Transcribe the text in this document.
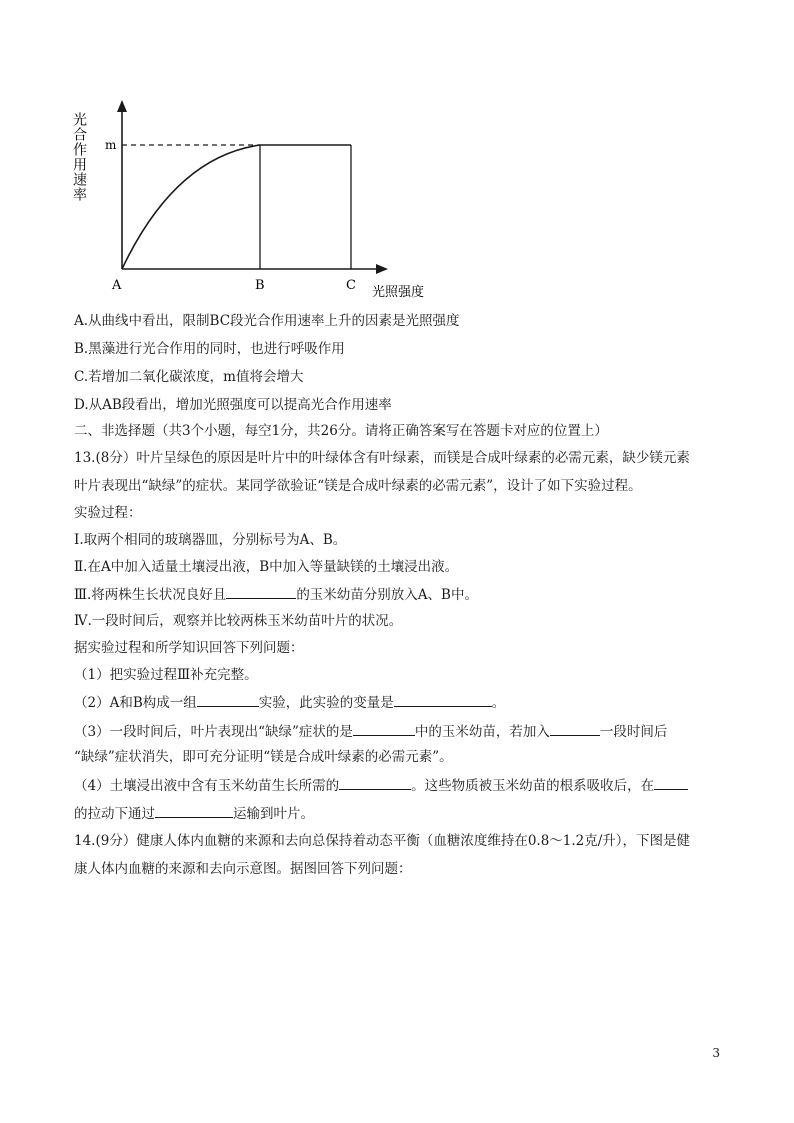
m
A	B	C 光照强度
光合作用速率
A.从曲线中看出，限制BC段光合作用速率上升的因素是光照强度
B.黑藻进行光合作用的同时，也进行呼吸作用
C.若增加二氧化碳浓度，m值将会增大
D.从AB段看出，增加光照强度可以提高光合作用速率
二、非选择题（共3个小题，每空1分，共26分。请将正确答案写在答题卡对应的位置上）
13.(8分）叶片呈绿色的原因是叶片中的叶绿体含有叶绿素，而镁是合成叶绿素的必需元素，缺少镁元素
叶片表现出“缺绿”的症状。某同学欲验证“镁是合成叶绿素的必需元素”，设计了如下实验过程。
实验过程：
Ⅰ.取两个相同的玻璃器皿，分别标号为A、B。
Ⅱ.在A中加入适量土壤浸出液，B中加入等量缺镁的土壤浸出液。
Ⅲ.将两株生长状况良好且	的玉米幼苗分别放入A、B中。
Ⅳ.一段时间后，观察并比较两株玉米幼苗叶片的状况。
据实验过程和所学知识回答下列问题：
（1）把实验过程Ⅲ补充完整。
（2）A和B构成一组	实验，此实验的变量是	。
（3）一段时间后，叶片表现出“缺绿”症状的是	中的玉米幼苗，若加入	一段时间后
“缺绿”症状消失，即可充分证明“镁是合成叶绿素的必需元素”。
（4）土壤浸出液中含有玉米幼苗生长所需的	。这些物质被玉米幼苗的根系吸收后，在
的拉动下通过	运输到叶片。
14.(9分）健康人体内血糖的来源和去向总保持着动态平衡（血糖浓度维持在0.8～1.2克/升），下图是健
康人体内血糖的来源和去向示意图。据图回答下列问题：
3
